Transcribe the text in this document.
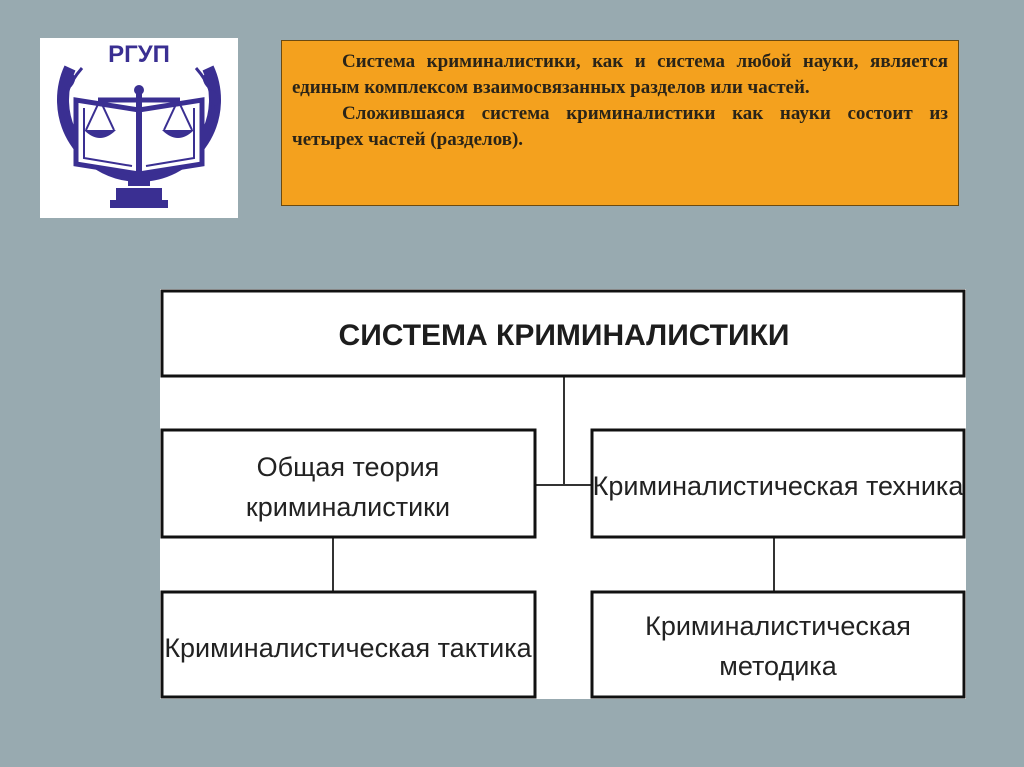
РГУП	Система криминалистики, как и система любой науки, является единым комплексом взаимосвязанных разделов или частей.

Сложившаяся система криминалистики как науки состоит из четырех частей (разделов).

СИСТЕМА КРИМИНАЛИСТИКИ
Общая теория
криминалистики
Криминалистическая техника
Криминалистическая тактика
Криминалистическая
методика
